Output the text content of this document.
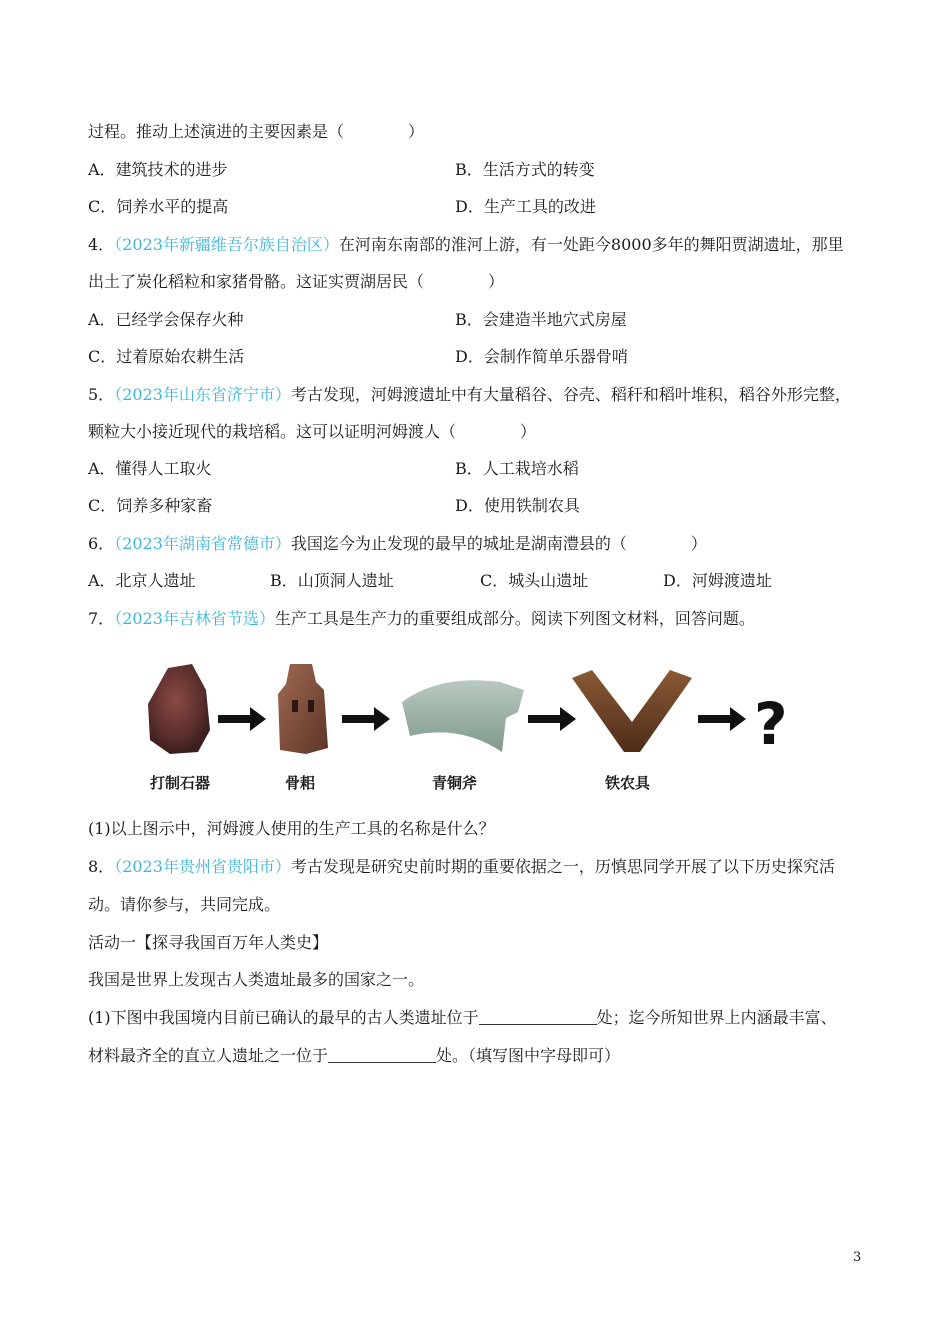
过程。推动上述演进的主要因素是（　　　　）
A．建筑技术的进步	B．生活方式的转变
C．饲养水平的提高	D．生产工具的改进
4．（2023年新疆维吾尔族自治区）在河南东南部的淮河上游，有一处距今8000多年的舞阳贾湖遗址，那里
出土了炭化稻粒和家猪骨骼。这证实贾湖居民（　　　　）
A．已经学会保存火种	B．会建造半地穴式房屋
C．过着原始农耕生活	D．会制作简单乐器骨哨
5．（2023年山东省济宁市）考古发现，河姆渡遗址中有大量稻谷、谷壳、稻秆和稻叶堆积，稻谷外形完整，
颗粒大小接近现代的栽培稻。这可以证明河姆渡人（　　　　）
A．懂得人工取火	B．人工栽培水稻
C．饲养多种家畜	D．使用铁制农具
6．（2023年湖南省常德市）我国迄今为止发现的最早的城址是湖南澧县的（　　　　）
A．北京人遗址	B．山顶洞人遗址	C．城头山遗址	D．河姆渡遗址
7．（2023年吉林省节选）生产工具是生产力的重要组成部分。阅读下列图文材料，回答问题。
?
打制石器	骨耜	青铜斧	铁农具
(1)以上图示中，河姆渡人使用的生产工具的名称是什么？
8．（2023年贵州省贵阳市）考古发现是研究史前时期的重要依据之一，历慎思同学开展了以下历史探究活
动。请你参与，共同完成。
活动一【探寻我国百万年人类史】
我国是世界上发现古人类遗址最多的国家之一。
(1)下图中我国境内目前已确认的最早的古人类遗址位于	处；迄今所知世界上内涵最丰富、
材料最齐全的直立人遗址之一位于	处。（填写图中字母即可）
3
